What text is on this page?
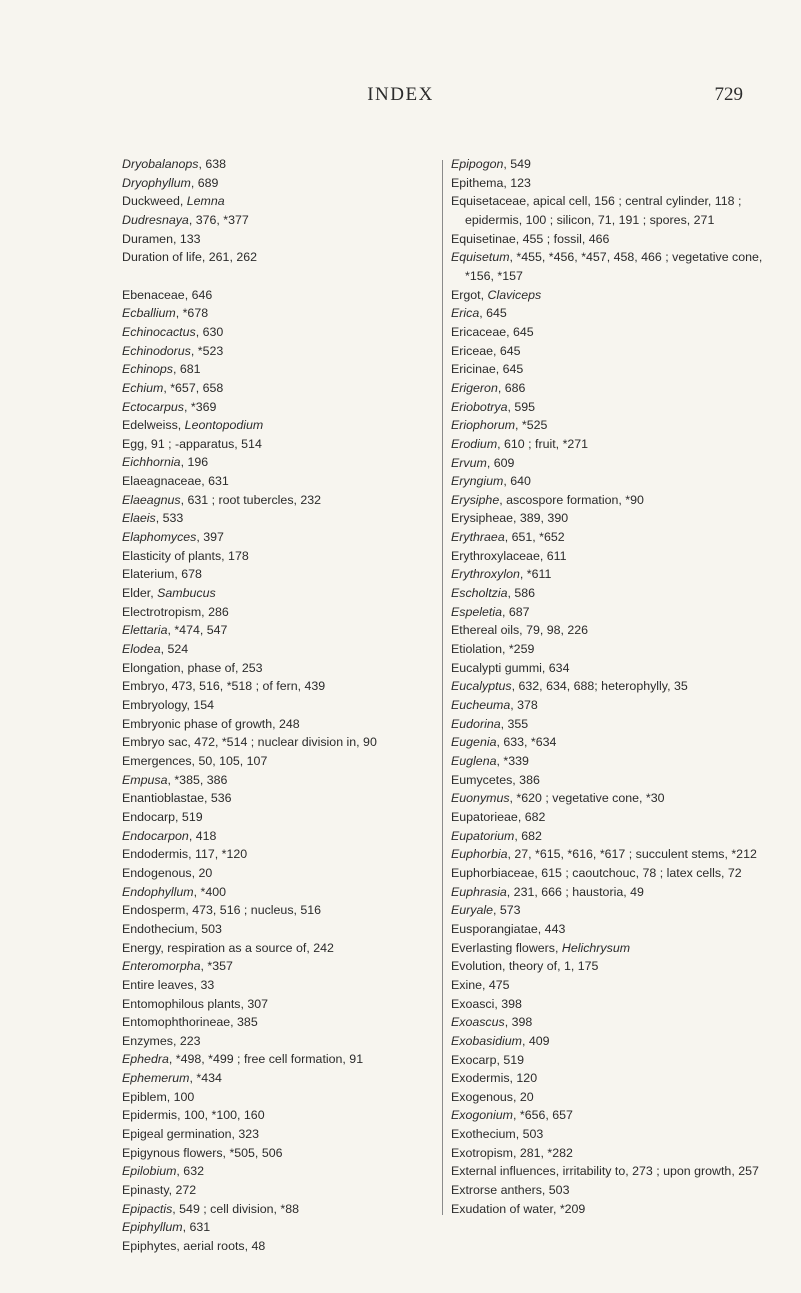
INDEX	729

Dryobalanops, 638

Dryophyllum, 689

Duckweed, Lemna

Dudresnaya, 376, *377

Duramen, 133

Duration of life, 261, 262

Ebenaceae, 646

Ecballium, *678

Echinocactus, 630

Echinodorus, *523

Echinops, 681

Echium, *657, 658

Ectocarpus, *369

Edelweiss, Leontopodium

Egg, 91 ; -apparatus, 514

Eichhornia, 196

Elaeagnaceae, 631

Elaeagnus, 631 ; root tubercles, 232

Elaeis, 533

Elaphomyces, 397

Elasticity of plants, 178

Elaterium, 678

Elder, Sambucus

Electrotropism, 286

Elettaria, *474, 547

Elodea, 524

Elongation, phase of, 253

Embryo, 473, 516, *518 ; of fern, 439

Embryology, 154

Embryonic phase of growth, 248

Embryo sac, 472, *514 ; nuclear division in, 90

Emergences, 50, 105, 107

Empusa, *385, 386

Enantioblastae, 536

Endocarp, 519

Endocarpon, 418

Endodermis, 117, *120

Endogenous, 20

Endophyllum, *400

Endosperm, 473, 516 ; nucleus, 516

Endothecium, 503

Energy, respiration as a source of, 242

Enteromorpha, *357

Entire leaves, 33

Entomophilous plants, 307

Entomophthorineae, 385

Enzymes, 223

Ephedra, *498, *499 ; free cell formation, 91

Ephemerum, *434

Epiblem, 100

Epidermis, 100, *100, 160

Epigeal germination, 323

Epigynous flowers, *505, 506

Epilobium, 632

Epinasty, 272

Epipactis, 549 ; cell division, *88

Epiphyllum, 631

Epiphytes, aerial roots, 48

Epipogon, 549

Epithema, 123

Equisetaceae, apical cell, 156 ; central cylinder, 118 ; epidermis, 100 ; silicon, 71, 191 ; spores, 271

Equisetinae, 455 ; fossil, 466

Equisetum, *455, *456, *457, 458, 466 ; vegetative cone, *156, *157

Ergot, Claviceps

Erica, 645

Ericaceae, 645

Ericeae, 645

Ericinae, 645

Erigeron, 686

Eriobotrya, 595

Eriophorum, *525

Erodium, 610 ; fruit, *271

Ervum, 609

Eryngium, 640

Erysiphe, ascospore formation, *90

Erysipheae, 389, 390

Erythraea, 651, *652

Erythroxylaceae, 611

Erythroxylon, *611

Escholtzia, 586

Espeletia, 687

Ethereal oils, 79, 98, 226

Etiolation, *259

Eucalypti gummi, 634

Eucalyptus, 632, 634, 688; heterophylly, 35

Eucheuma, 378

Eudorina, 355

Eugenia, 633, *634

Euglena, *339

Eumycetes, 386

Euonymus, *620 ; vegetative cone, *30

Eupatorieae, 682

Eupatorium, 682

Euphorbia, 27, *615, *616, *617 ; succulent stems, *212

Euphorbiaceae, 615 ; caoutchouc, 78 ; latex cells, 72

Euphrasia, 231, 666 ; haustoria, 49

Euryale, 573

Eusporangiatae, 443

Everlasting flowers, Helichrysum

Evolution, theory of, 1, 175

Exine, 475

Exoasci, 398

Exoascus, 398

Exobasidium, 409

Exocarp, 519

Exodermis, 120

Exogenous, 20

Exogonium, *656, 657

Exothecium, 503

Exotropism, 281, *282

External influences, irritability to, 273 ; upon growth, 257

Extrorse anthers, 503

Exudation of water, *209
